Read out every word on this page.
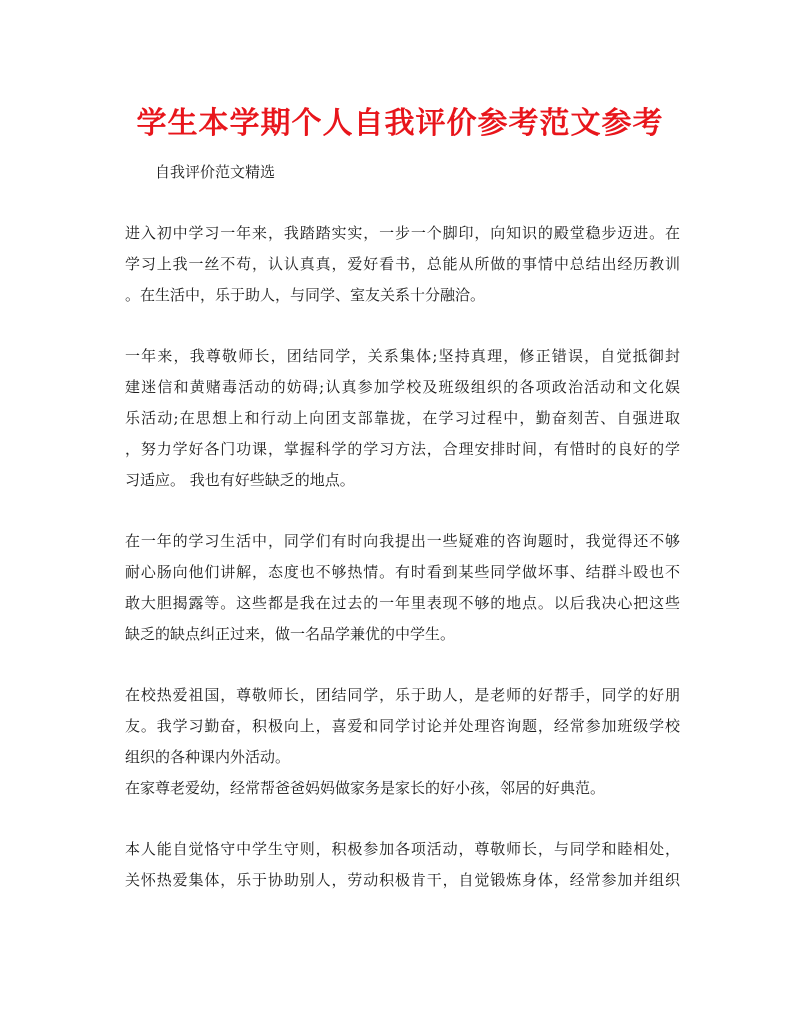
学生本学期个人自我评价参考范文参考
自我评价范文精选
进入初中学习一年来，我踏踏实实，一步一个脚印，向知识的殿堂稳步迈进。在
学习上我一丝不苟，认认真真，爱好看书，总能从所做的事情中总结出经历教训
。在生活中，乐于助人，与同学、室友关系十分融洽。
一年来，我尊敬师长，团结同学，关系集体;坚持真理，修正错误，自觉抵御封
建迷信和黄赌毒活动的妨碍;认真参加学校及班级组织的各项政治活动和文化娱
乐活动;在思想上和行动上向团支部靠拢，在学习过程中，勤奋刻苦、自强进取
，努力学好各门功课，掌握科学的学习方法，合理安排时间，有惜时的良好的学
习适应。 我也有好些缺乏的地点。
在一年的学习生活中，同学们有时向我提出一些疑难的咨询题时，我觉得还不够
耐心肠向他们讲解，态度也不够热情。有时看到某些同学做坏事、结群斗殴也不
敢大胆揭露等。这些都是我在过去的一年里表现不够的地点。以后我决心把这些
缺乏的缺点纠正过来，做一名品学兼优的中学生。
在校热爱祖国，尊敬师长，团结同学，乐于助人，是老师的好帮手，同学的好朋
友。我学习勤奋，积极向上，喜爱和同学讨论并处理咨询题，经常参加班级学校
组织的各种课内外活动。
在家尊老爱幼，经常帮爸爸妈妈做家务是家长的好小孩，邻居的好典范。
本人能自觉恪守中学生守则，积极参加各项活动，尊敬师长，与同学和睦相处，
关怀热爱集体，乐于协助别人，劳动积极肯干，自觉锻炼身体，经常参加并组织
